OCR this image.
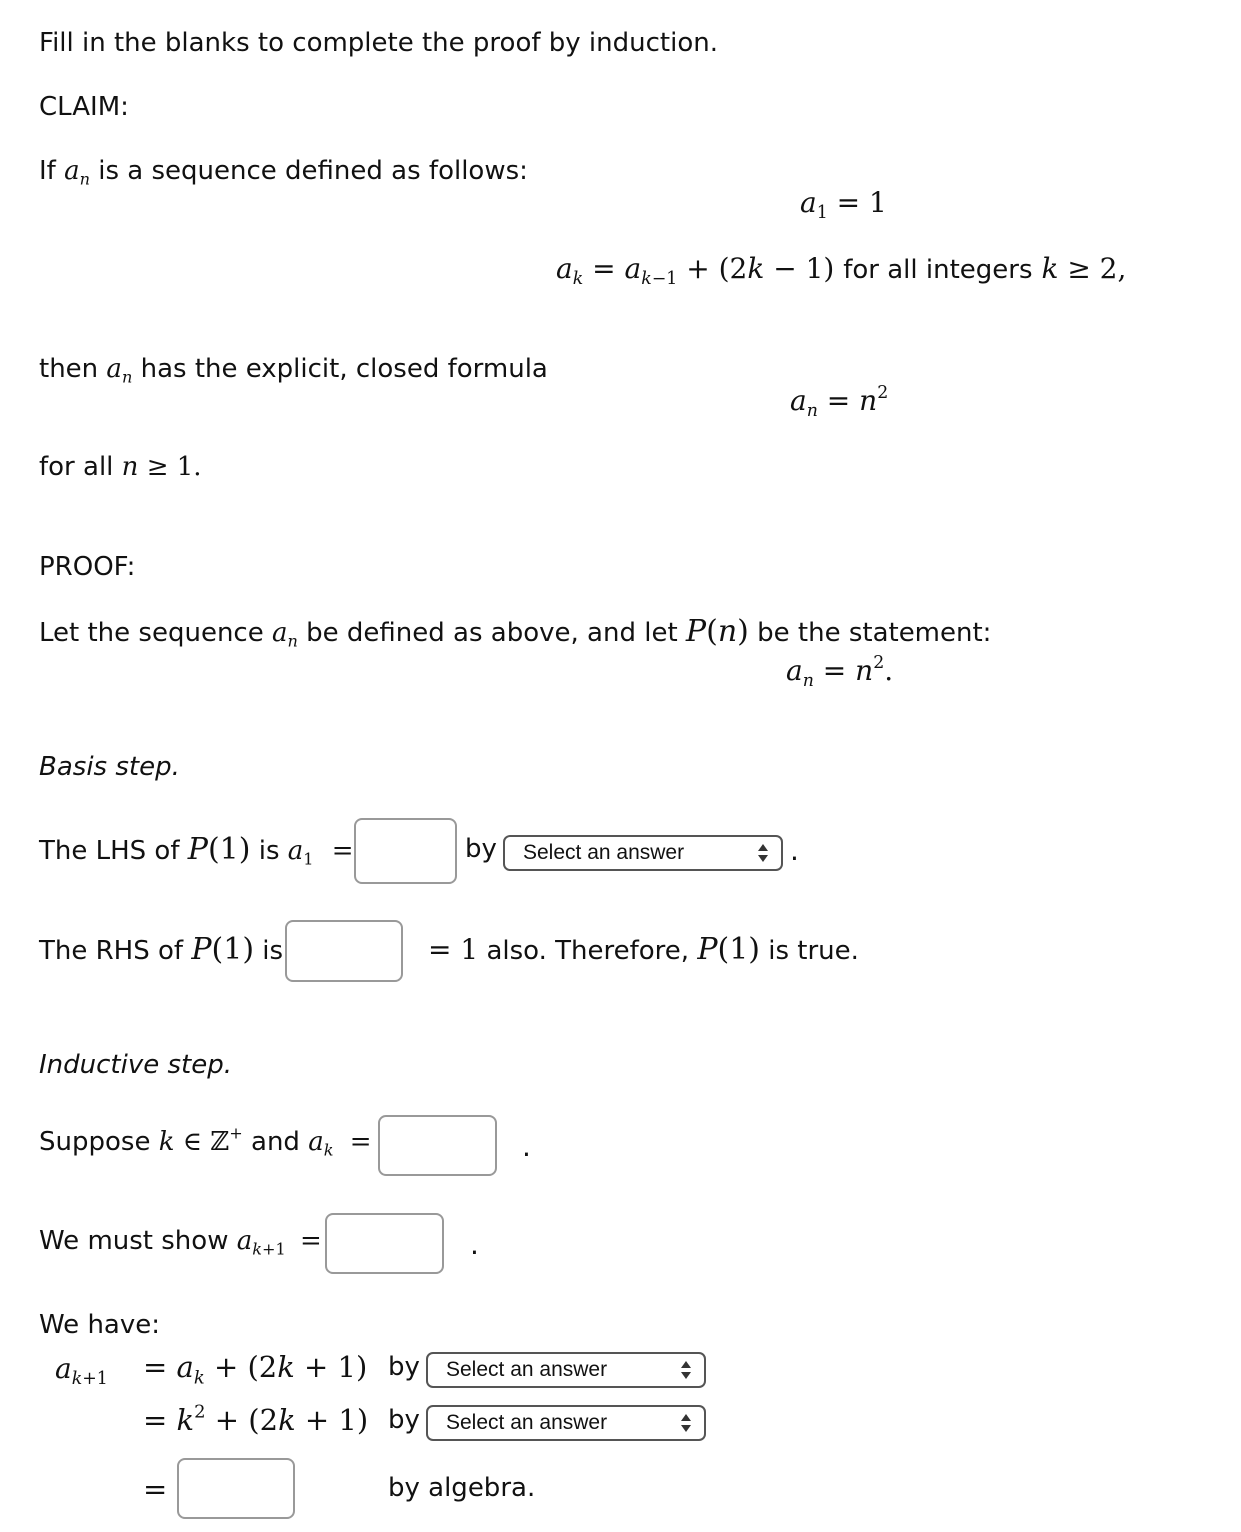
Fill in the blanks to complete the proof by induction.
CLAIM:
If $a_n$ is a sequence defined as follows:
$a_1 = 1$
$a_k = a_{k-1} + (2k - 1)$ for all integers k ≥ 2,
then $a_n$ has the explicit, closed formula
$a_n = n^2$
for all n ≥ 1.
PROOF:
Let the sequence $a_n$ be defined as above, and let P(n) be the statement:
$a_n = n^2$.
Basis step.
The LHS of P(1) is $a_1$ =	by	Select an answer	.
The RHS of P(1) is	= 1 also. Therefore, P(1) is true.
Inductive step.
Suppose k ∈ ℤ+ and $a_k$ =	.
We must show $a_{k+1}$ =	.
We have:
$a_{k+1} = a_k + (2k + 1)$ by	Select an answer
= $k^2 + (2k + 1)$ by	Select an answer
=	by algebra.
